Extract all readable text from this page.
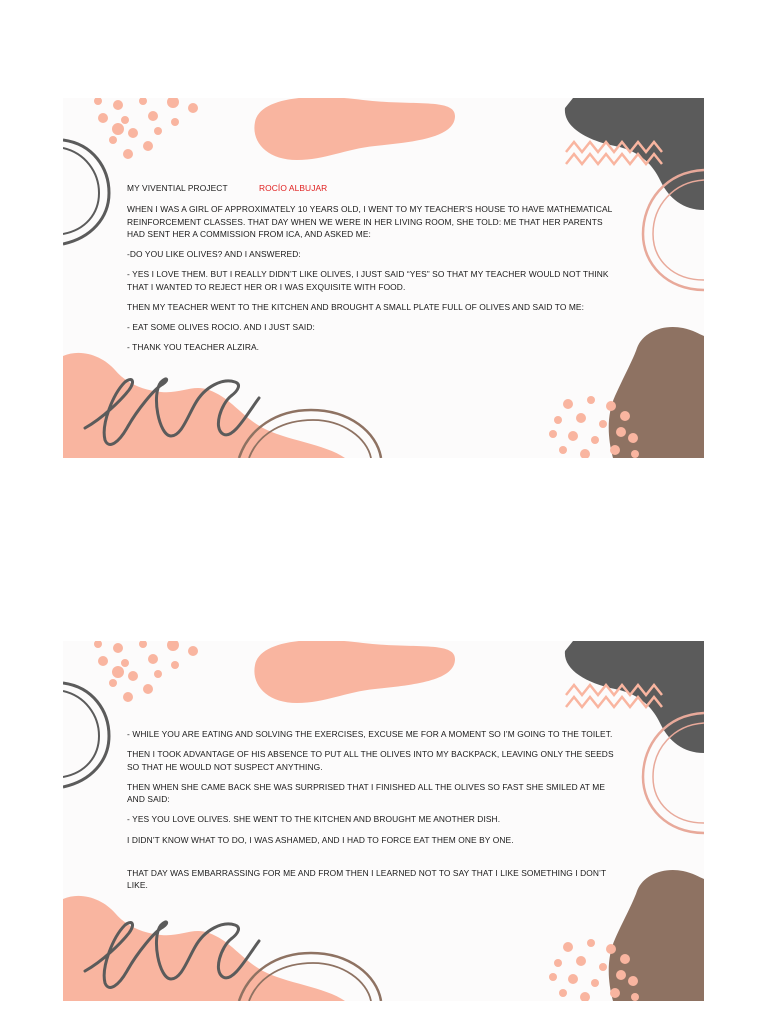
MY VIVENTIAL PROJECT	ROCÍO ALBUJAR

WHEN I WAS A GIRL OF APPROXIMATELY 10 YEARS OLD, I WENT TO MY TEACHER’S HOUSE TO HAVE MATHEMATICAL REINFORCEMENT CLASSES. THAT DAY WHEN WE WERE IN HER LIVING ROOM, SHE TOLD: ME THAT HER PARENTS HAD SENT HER A COMMISSION FROM ICA, AND ASKED ME:

-DO YOU LIKE OLIVES? AND I ANSWERED:

- YES I LOVE THEM. BUT I REALLY DIDN’T LIKE OLIVES, I JUST SAID “YES” SO THAT MY TEACHER WOULD NOT THINK THAT I WANTED TO REJECT HER OR I WAS EXQUISITE WITH FOOD.

THEN MY TEACHER WENT TO THE KITCHEN AND BROUGHT A SMALL PLATE FULL OF OLIVES AND SAID TO ME:

- EAT SOME OLIVES ROCIO. AND I JUST SAID:

- THANK YOU TEACHER ALZIRA.

- WHILE YOU ARE EATING AND SOLVING THE EXERCISES, EXCUSE ME FOR A MOMENT SO I’M GOING TO THE TOILET.

THEN I TOOK ADVANTAGE OF HIS ABSENCE TO PUT ALL THE OLIVES INTO MY BACKPACK, LEAVING ONLY THE SEEDS SO THAT HE WOULD NOT SUSPECT ANYTHING.

THEN WHEN SHE CAME BACK SHE WAS SURPRISED THAT I FINISHED ALL THE OLIVES SO FAST SHE SMILED AT ME AND SAID:

- YES YOU LOVE OLIVES. SHE WENT TO THE KITCHEN AND BROUGHT ME ANOTHER DISH.

I DIDN’T KNOW WHAT TO DO, I WAS ASHAMED, AND I HAD TO FORCE EAT THEM ONE BY ONE.

THAT DAY WAS EMBARRASSING FOR ME AND FROM THEN I LEARNED NOT TO SAY THAT I LIKE SOMETHING I DON’T LIKE.
